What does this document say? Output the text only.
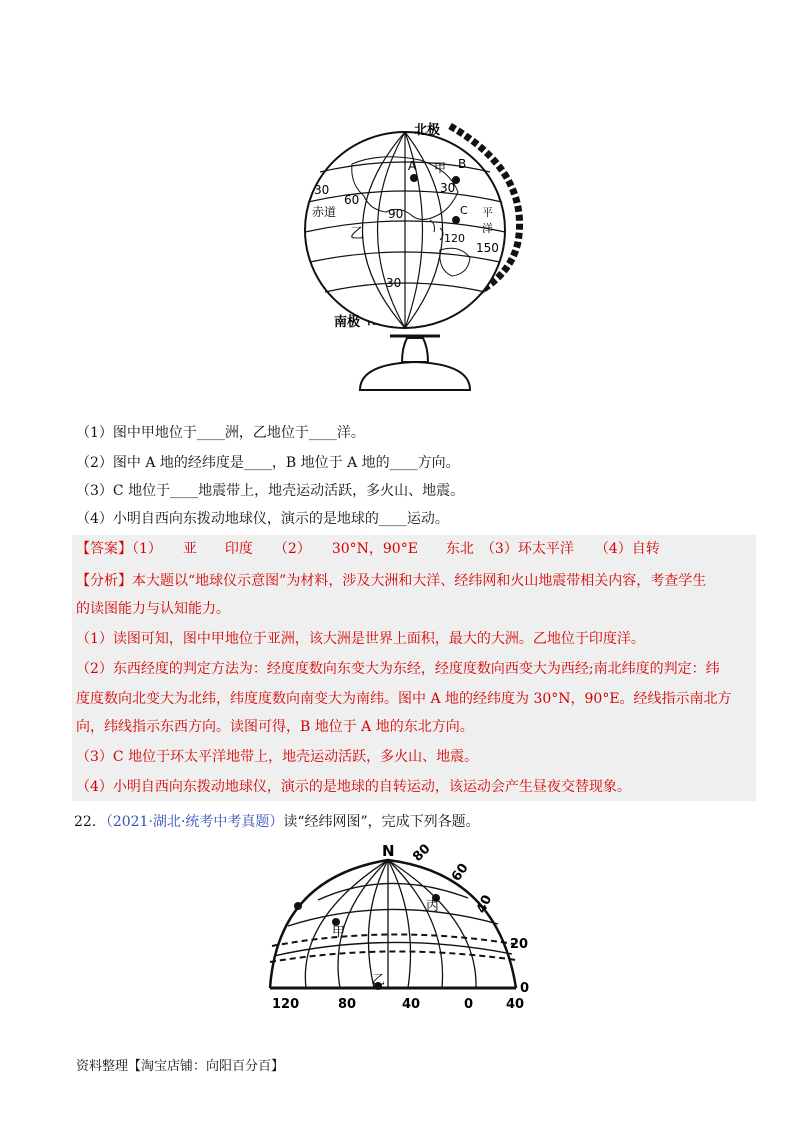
北极
南极
A 甲 B
30
30
60
90
赤道	C 平
洋
120
150
乙
30
（1）图中甲地位于____洲，乙地位于____洋。
（2）图中 A 地的经纬度是____，B 地位于 A 地的____方向。
（3）C 地位于____地震带上，地壳运动活跃，多火山、地震。
（4）小明自西向东拨动地球仪，演示的是地球的____运动。
【答案】（1）　　亚　　印度　　（2）　　30°N，90°E　　东北　（3）环太平洋　　（4）自转
【分析】本大题以“地球仪示意图”为材料，涉及大洲和大洋、经纬网和火山地震带相关内容，考查学生
的读图能力与认知能力。
（1）读图可知，图中甲地位于亚洲，该大洲是世界上面积，最大的大洲。乙地位于印度洋。
（2）东西经度的判定方法为：经度度数向东变大为东经，经度度数向西变大为西经;南北纬度的判定：纬
度度数向北变大为北纬，纬度度数向南变大为南纬。图中 A 地的经纬度为 30°N，90°E。经线指示南北方
向，纬线指示东西方向。读图可得，B 地位于 A 地的东北方向。
（3）C 地位于环太平洋地带上，地壳运动活跃，多火山、地震。
（4）小明自西向东拨动地球仪，演示的是地球的自转运动，该运动会产生昼夜交替现象。
22．（2021·湖北·统考中考真题）读“经纬网图”，完成下列各题。
N 80
60
40
20
0
丙
甲
乙
120	80	40	0	40
资料整理【淘宝店铺：向阳百分百】
